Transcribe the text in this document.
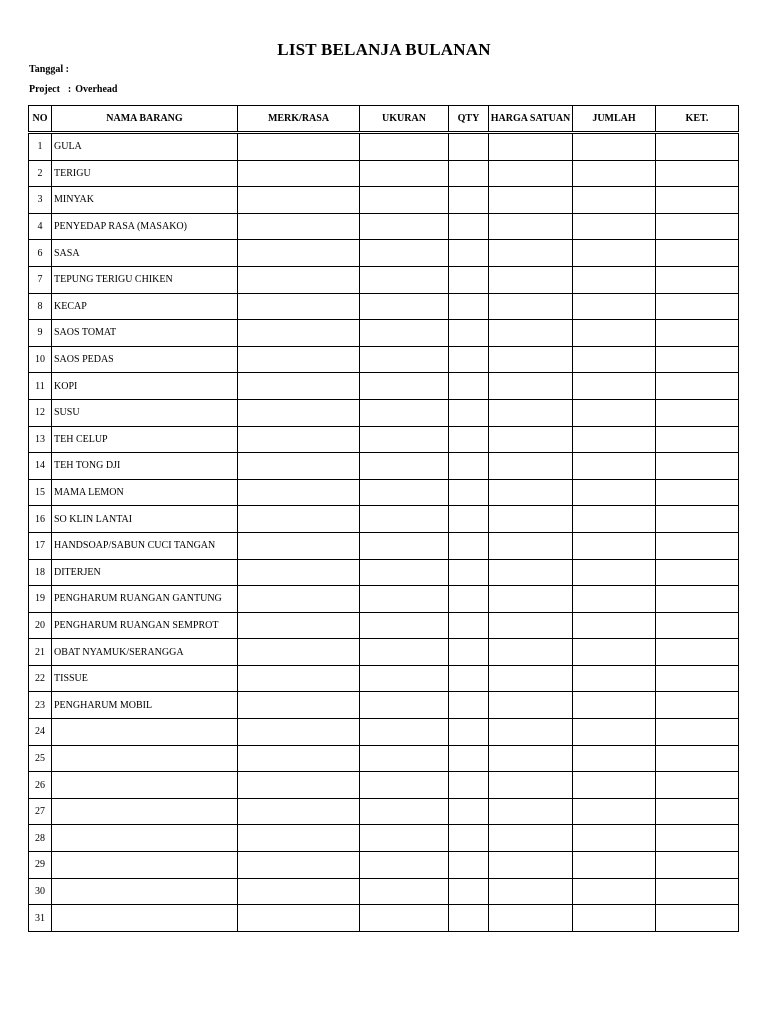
LIST BELANJA BULANAN
Tanggal :
Project : Overhead
NO	NAMA BARANG	MERK/RASA	UKURAN	QTY	HARGA SATUAN	JUMLAH	KET.
1	GULA						
2	TERIGU						
3	MINYAK						
4	PENYEDAP RASA (MASAKO)						
6	SASA						
7	TEPUNG TERIGU CHIKEN						
8	KECAP						
9	SAOS TOMAT						
10	SAOS PEDAS						
11	KOPI						
12	SUSU						
13	TEH CELUP						
14	TEH TONG DJI						
15	MAMA LEMON						
16	SO KLIN LANTAI						
17	HANDSOAP/SABUN CUCI TANGAN						
18	DITERJEN						
19	PENGHARUM RUANGAN GANTUNG						
20	PENGHARUM RUANGAN SEMPROT						
21	OBAT NYAMUK/SERANGGA						
22	TISSUE						
23	PENGHARUM MOBIL						
24							
25							
26							
27							
28							
29							
30							
31							
